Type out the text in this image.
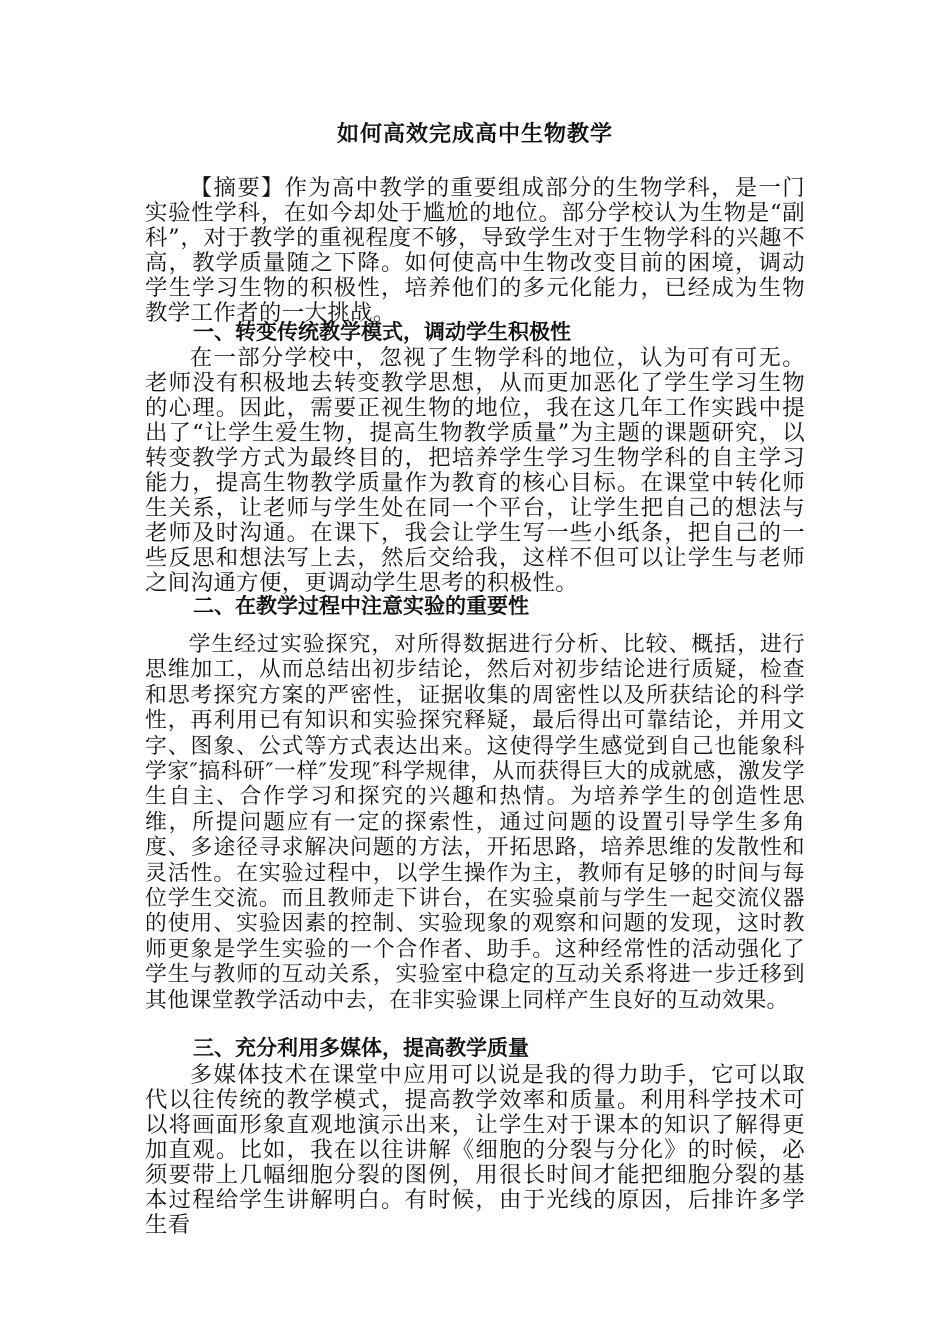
如何高效完成高中生物教学

【摘要】作为高中教学的重要组成部分的生物学科，是一门实验性学科，在如今却处于尴尬的地位。部分学校认为生物是“副科”，对于教学的重视程度不够，导致学生对于生物学科的兴趣不高，教学质量随之下降。如何使高中生物改变目前的困境，调动学生学习生物的积极性，培养他们的多元化能力，已经成为生物教学工作者的一大挑战。

一、转变传统教学模式，调动学生积极性

在一部分学校中，忽视了生物学科的地位，认为可有可无。老师没有积极地去转变教学思想，从而更加恶化了学生学习生物的心理。因此，需要正视生物的地位，我在这几年工作实践中提出了“让学生爱生物，提高生物教学质量”为主题的课题研究，以转变教学方式为最终目的，把培养学生学习生物学科的自主学习能力，提高生物教学质量作为教育的核心目标。在课堂中转化师生关系，让老师与学生处在同一个平台，让学生把自己的想法与老师及时沟通。在课下，我会让学生写一些小纸条，把自己的一些反思和想法写上去，然后交给我，这样不但可以让学生与老师之间沟通方便，更调动学生思考的积极性。

二、在教学过程中注意实验的重要性

学生经过实验探究，对所得数据进行分析、比较、概括，进行思维加工，从而总结出初步结论，然后对初步结论进行质疑，检查和思考探究方案的严密性，证据收集的周密性以及所获结论的科学性，再利用已有知识和实验探究释疑，最后得出可靠结论，并用文字、图象、公式等方式表达出来。这使得学生感觉到自己也能象科学家″搞科研″一样″发现″科学规律，从而获得巨大的成就感，激发学生自主、合作学习和探究的兴趣和热情。为培养学生的创造性思维，所提问题应有一定的探索性，通过问题的设置引导学生多角度、多途径寻求解决问题的方法，开拓思路，培养思维的发散性和灵活性。在实验过程中，以学生操作为主，教师有足够的时间与每位学生交流。而且教师走下讲台，在实验桌前与学生一起交流仪器的使用、实验因素的控制、实验现象的观察和问题的发现，这时教师更象是学生实验的一个合作者、助手。这种经常性的活动强化了学生与教师的互动关系，实验室中稳定的互动关系将进一步迁移到其他课堂教学活动中去，在非实验课上同样产生良好的互动效果。

三、充分利用多媒体，提高教学质量

多媒体技术在课堂中应用可以说是我的得力助手，它可以取代以往传统的教学模式，提高教学效率和质量。利用科学技术可以将画面形象直观地演示出来，让学生对于课本的知识了解得更加直观。比如，我在以往讲解《细胞的分裂与分化》的时候，必须要带上几幅细胞分裂的图例，用很长时间才能把细胞分裂的基本过程给学生讲解明白。有时候，由于光线的原因，后排许多学生看
